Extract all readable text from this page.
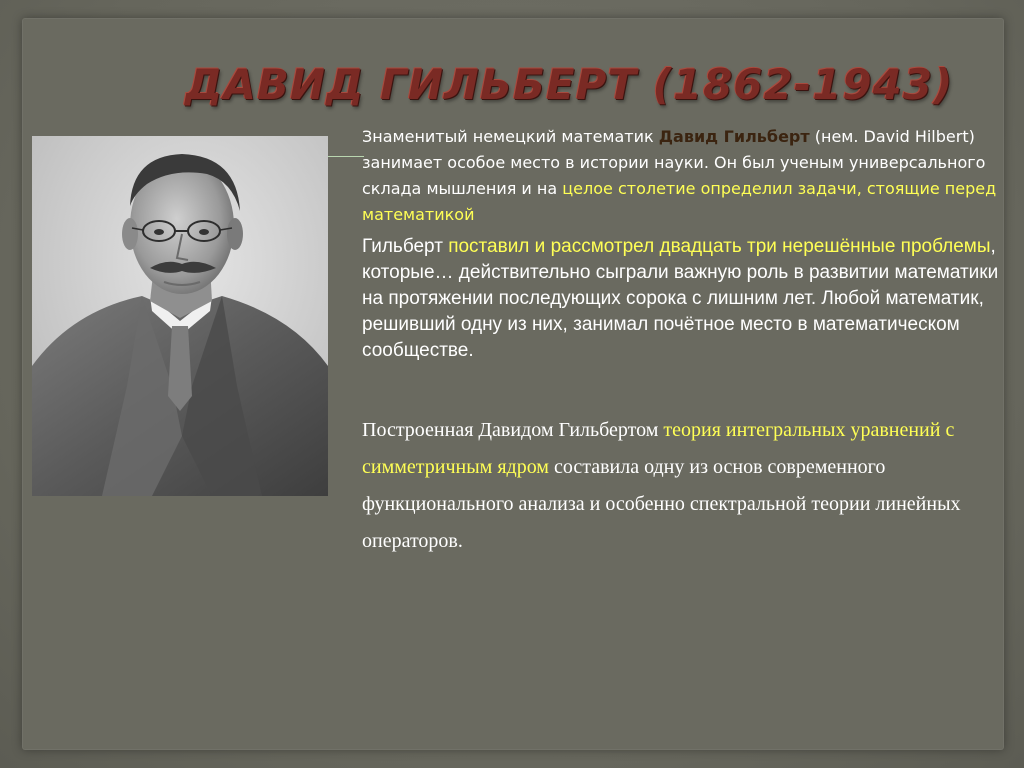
ДАВИД ГИЛЬБЕРТ (1862-1943)

Знаменитый немецкий математик Давид Гильберт (нем. David Hilbert) занимает особое место в истории науки. Он был ученым универсального склада мышления и на целое столетие определил задачи, стоящие перед математикой

Гильберт поставил и рассмотрел двадцать три нерешённые проблемы, которые… действительно сыграли важную роль в развитии математики на протяжении последующих сорока с лишним лет. Любой математик, решивший одну из них, занимал почётное место в математическом сообществе.

Построенная Давидом Гильбертом теория интегральных уравнений с симметричным ядром составила одну из основ современного функционального анализа и особенно спектральной теории линейных операторов.
